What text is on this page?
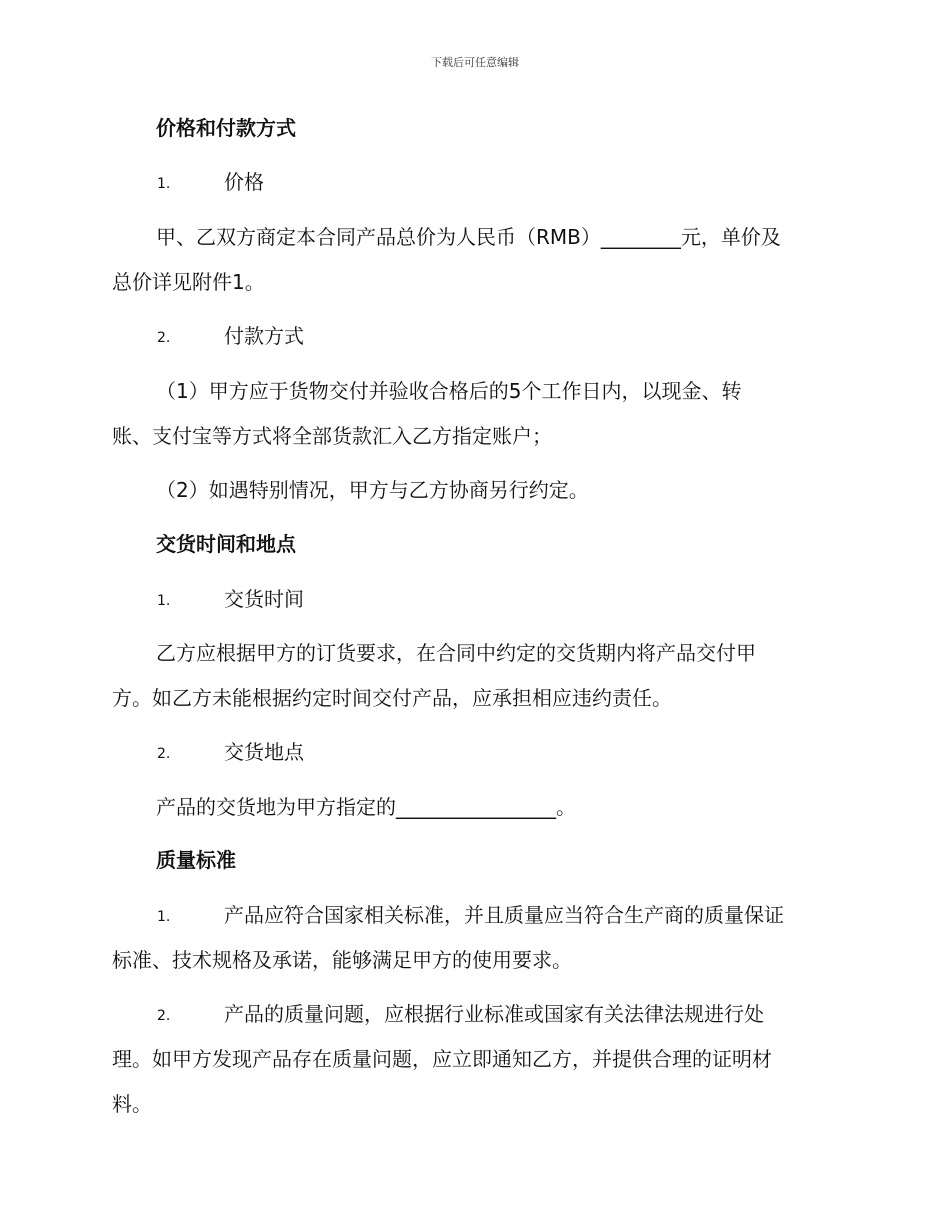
下载后可任意编辑
价格和付款方式
1.	价格
甲、乙双方商定本合同产品总价为人民币（RMB）________元，单价及
总价详见附件1。
2.	付款方式
（1）甲方应于货物交付并验收合格后的5个工作日内，以现金、转
账、支付宝等方式将全部货款汇入乙方指定账户；
（2）如遇特别情况，甲方与乙方协商另行约定。
交货时间和地点
1.	交货时间
乙方应根据甲方的订货要求，在合同中约定的交货期内将产品交付甲
方。如乙方未能根据约定时间交付产品，应承担相应违约责任。
2.	交货地点
产品的交货地为甲方指定的________________。
质量标准
1.	产品应符合国家相关标准，并且质量应当符合生产商的质量保证
标准、技术规格及承诺，能够满足甲方的使用要求。
2.	产品的质量问题，应根据行业标准或国家有关法律法规进行处
理。如甲方发现产品存在质量问题，应立即通知乙方，并提供合理的证明材
料。
